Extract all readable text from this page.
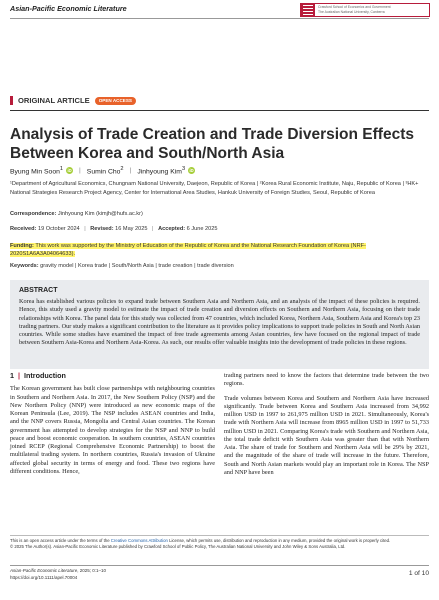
Asian-Pacific Economic Literature	Crawford School of Economics and Government
The Australian National University, Canberra
ORIGINAL ARTICLE	OPEN ACCESS
Analysis of Trade Creation and Trade Diversion Effects Between Korea and South/North Asia
Byung Min Soon$^1$	iD	| Sumin Cho$^2$ | Jinhyoung Kim$^3$	iD
¹Department of Agricultural Economics, Chungnam National University, Daejeon, Republic of Korea | ²Korea Rural Economic Institute, Naju, Republic of Korea | ³HK+ National Strategies Research Project Agency, Center for International Area Studies, Hankuk University of Foreign Studies, Seoul, Republic of Korea
Correspondence: Jinhyoung Kim (kimjh@hufs.ac.kr)
Received: 19 October 2024 | Revised: 16 May 2025 | Accepted: 6 June 2025
Funding: This work was supported by the Ministry of Education of the Republic of Korea and the National Research Foundation of Korea (NRF-2020S1A6A3A04064633).
Keywords: gravity model | Korea trade | South/North Asia | trade creation | trade diversion
ABSTRACT
Korea has established various policies to expand trade between Southern Asia and Northern Asia, and an analysis of the impact of these policies is required. Hence, this study used a gravity model to estimate the impact of trade creation and diversion effects on Southern and Northern Asia, focusing on their trade relationships with Korea. The panel data for this study was collected from 47 countries, which included Korea, Northern Asia, Southern Asia and Korea's top 23 trading partners. Our study makes a significant contribution to the literature as it provides policy implications to support trade policies in South and North Asian countries. While some studies have examined the impact of free trade agreements among Asian countries, few have focused on the regional impact of trade between Southern Asia-Korea and Northern Asia-Korea. As such, our results offer valuable insights into the development of trade policies in these regions.
1 | Introduction

The Korean government has built close partnerships with neighbouring countries in Southern and Northern Asia. In 2017, the New Southern Policy (NSP) and the New Northern Policy (NNP) were introduced as new economic maps of the Korean Peninsula (Lee, 2019). The NSP includes ASEAN countries and India, and the NNP covers Russia, Mongolia and Central Asian countries. The Korean government has attempted to develop strategies for the NSP and NNP to build peace and boost economic cooperation. In southern countries, ASEAN countries joined RCEP (Regional Comprehensive Economic Partnership) to boost the multilateral trading system. In northern countries, Russia's invasion of Ukraine affected global security in terms of energy and food. These two regions have different conditions. Hence,

trading partners need to know the factors that determine trade between the two regions.

Trade volumes between Korea and Southern and Northern Asia have increased significantly. Trade between Korea and Southern Asia increased from 34,992 million USD in 1997 to 261,975 million USD in 2021. Simultaneously, Korea's trade with Northern Asia will increase from 8965 million USD in 1997 to 51,733 million USD in 2021. Comparing Korea's trade with Southern and Northern Asia, the total trade deficit with Southern Asia was greater than that with Northern Asia. The share of trade for Southern and Northern Asia will be 29% by 2021, and the magnitude of the share of trade will increase in the future. Therefore, South and North Asian markets would play an important role in Korea. The NSP and NNP have been

This is an open access article under the terms of the Creative Commons Attribution License, which permits use, distribution and reproduction in any medium, provided the original work is properly cited.
© 2025 The Author(s). Asian-Pacific Economic Literature published by Crawford School of Public Policy, The Australian National University and John Wiley & Sons Australia, Ltd.
Asian-Pacific Economic Literature, 2025; 0:1–10
https://doi.org/10.1111/apel.70004
1 of 10
